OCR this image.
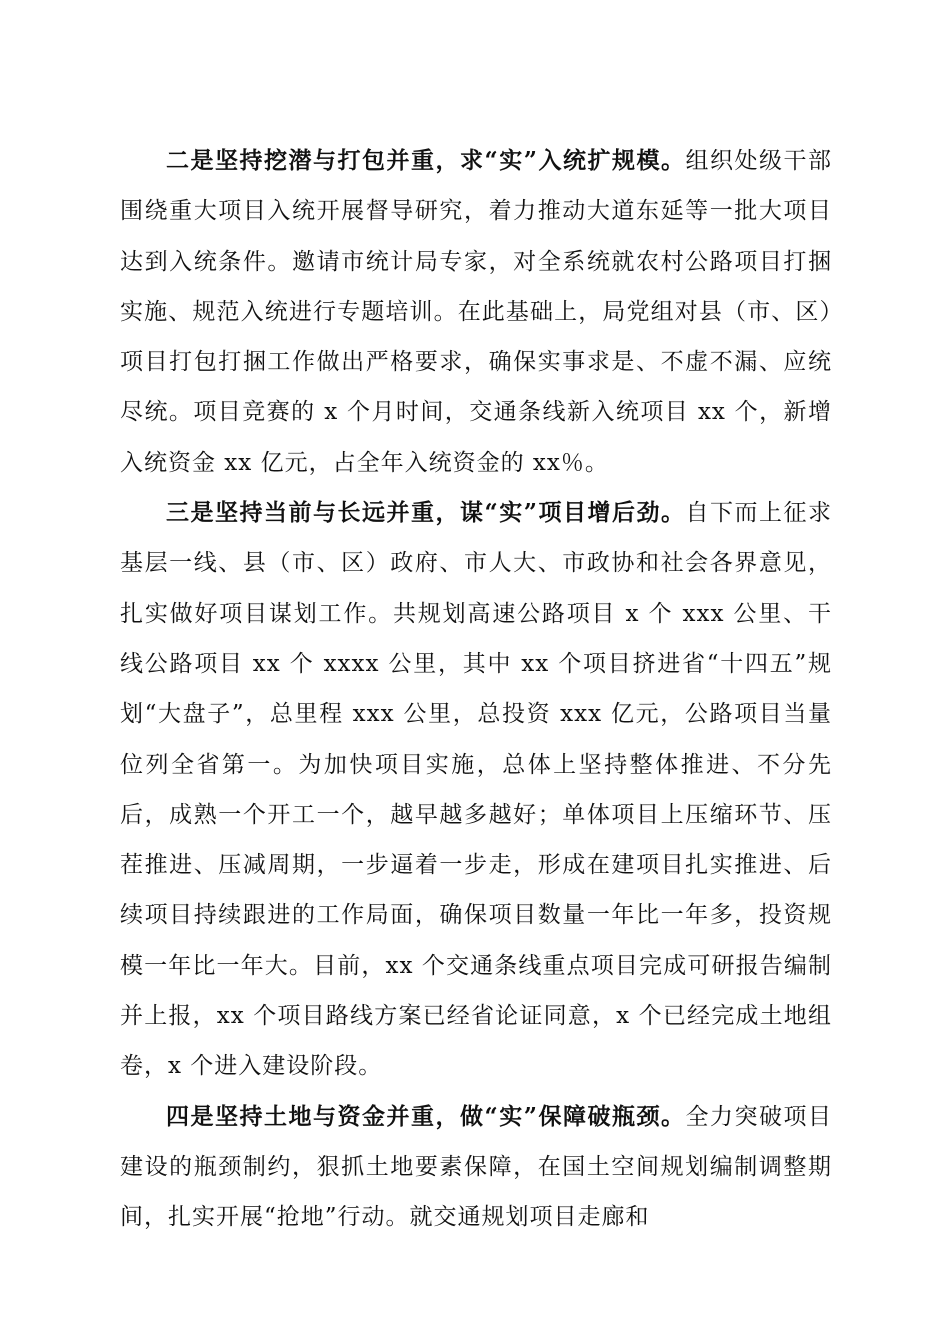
二是坚持挖潜与打包并重，求“实”入统扩规模。组织处级干部围绕重大项目入统开展督导研究，着力推动大道东延等一批大项目达到入统条件。邀请市统计局专家，对全系统就农村公路项目打捆实施、规范入统进行专题培训。在此基础上，局党组对县（市、区）项目打包打捆工作做出严格要求，确保实事求是、不虚不漏、应统尽统。项目竞赛的 x 个月时间，交通条线新入统项目 xx 个，新增入统资金 xx 亿元，占全年入统资金的 xx％。

三是坚持当前与长远并重，谋“实”项目增后劲。自下而上征求基层一线、县（市、区）政府、市人大、市政协和社会各界意见，扎实做好项目谋划工作。共规划高速公路项目 x 个 xxx 公里、干线公路项目 xx 个 xxxx 公里，其中 xx 个项目挤进省“十四五”规划“大盘子”，总里程 xxx 公里，总投资 xxx 亿元，公路项目当量位列全省第一。为加快项目实施，总体上坚持整体推进、不分先后，成熟一个开工一个，越早越多越好；单体项目上压缩环节、压茬推进、压减周期，一步逼着一步走，形成在建项目扎实推进、后续项目持续跟进的工作局面，确保项目数量一年比一年多，投资规模一年比一年大。目前，xx 个交通条线重点项目完成可研报告编制并上报，xx 个项目路线方案已经省论证同意，x 个已经完成土地组卷，x 个进入建设阶段。

四是坚持土地与资金并重，做“实”保障破瓶颈。全力突破项目建设的瓶颈制约，狠抓土地要素保障，在国土空间规划编制调整期间，扎实开展“抢地”行动。就交通规划项目走廊和
